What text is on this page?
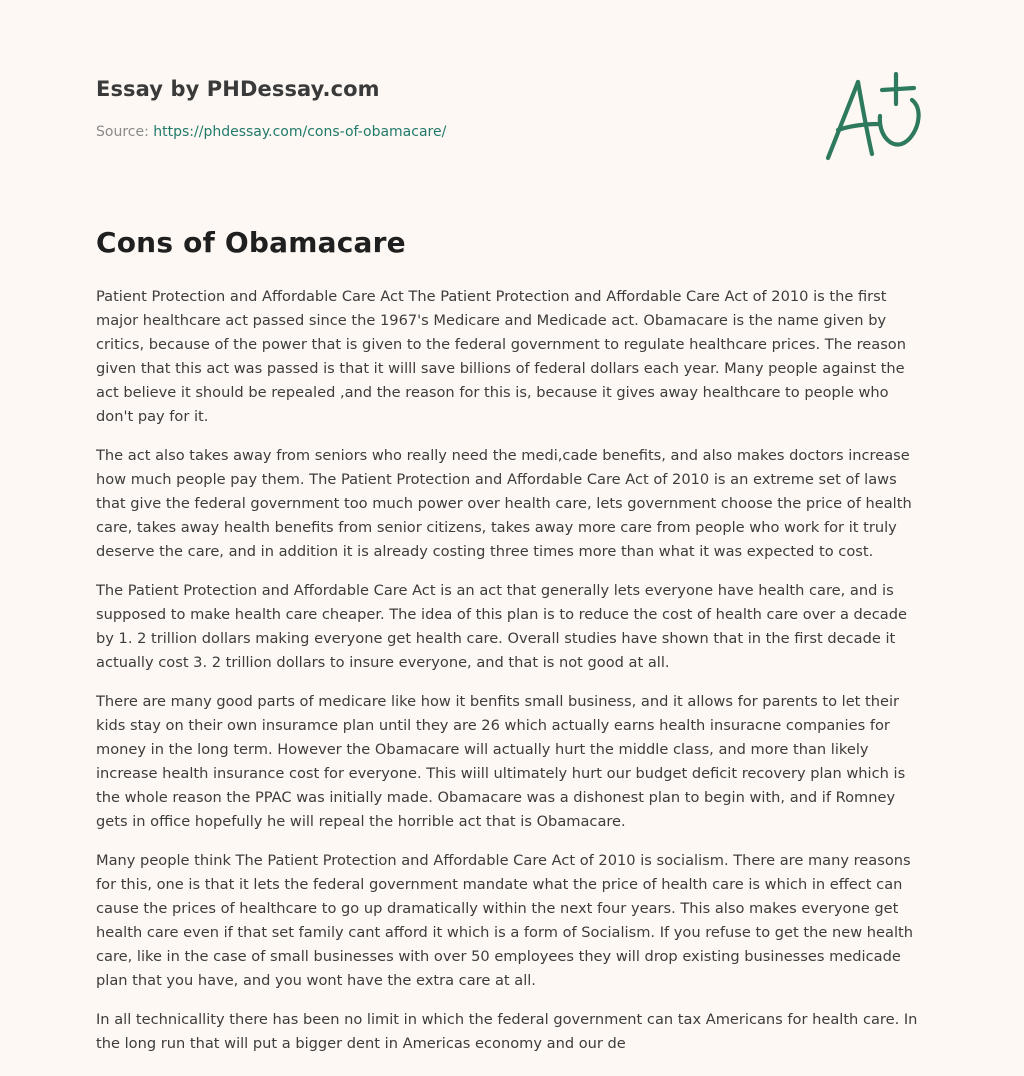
Essay by PHDessay.com
Source: https://phdessay.com/cons-of-obamacare/
Cons of Obamacare

Patient Protection and Affordable Care Act The Patient Protection and Affordable Care Act of 2010 is the first major healthcare act passed since the 1967's Medicare and Medicade act. Obamacare is the name given by critics, because of the power that is given to the federal government to regulate healthcare prices. The reason given that this act was passed is that it willl save billions of federal dollars each year. Many people against the act believe it should be repealed ,and the reason for this is, because it gives away healthcare to people who don't pay for it.

The act also takes away from seniors who really need the medi,cade benefits, and also makes doctors increase how much people pay them. The Patient Protection and Affordable Care Act of 2010 is an extreme set of laws that give the federal government too much power over health care, lets government choose the price of health care, takes away health benefits from senior citizens, takes away more care from people who work for it truly deserve the care, and in addition it is already costing three times more than what it was expected to cost.

The Patient Protection and Affordable Care Act is an act that generally lets everyone have health care, and is supposed to make health care cheaper. The idea of this plan is to reduce the cost of health care over a decade by 1. 2 trillion dollars making everyone get health care. Overall studies have shown that in the first decade it actually cost 3. 2 trillion dollars to insure everyone, and that is not good at all.

There are many good parts of medicare like how it benfits small business, and it allows for parents to let their kids stay on their own insuramce plan until they are 26 which actually earns health insuracne companies for money in the long term. However the Obamacare will actually hurt the middle class, and more than likely increase health insurance cost for everyone. This wiill ultimately hurt our budget deficit recovery plan which is the whole reason the PPAC was initially made. Obamacare was a dishonest plan to begin with, and if Romney gets in office hopefully he will repeal the horrible act that is Obamacare.

Many people think The Patient Protection and Affordable Care Act of 2010 is socialism. There are many reasons for this, one is that it lets the federal government mandate what the price of health care is which in effect can cause the prices of healthcare to go up dramatically within the next four years. This also makes everyone get health care even if that set family cant afford it which is a form of Socialism. If you refuse to get the new health care, like in the case of small businesses with over 50 employees they will drop existing businesses medicade plan that you have, and you wont have the extra care at all.

In all technicallity there has been no limit in which the federal government can tax Americans for health care. In the long run that will put a bigger dent in Americas economy and our de
